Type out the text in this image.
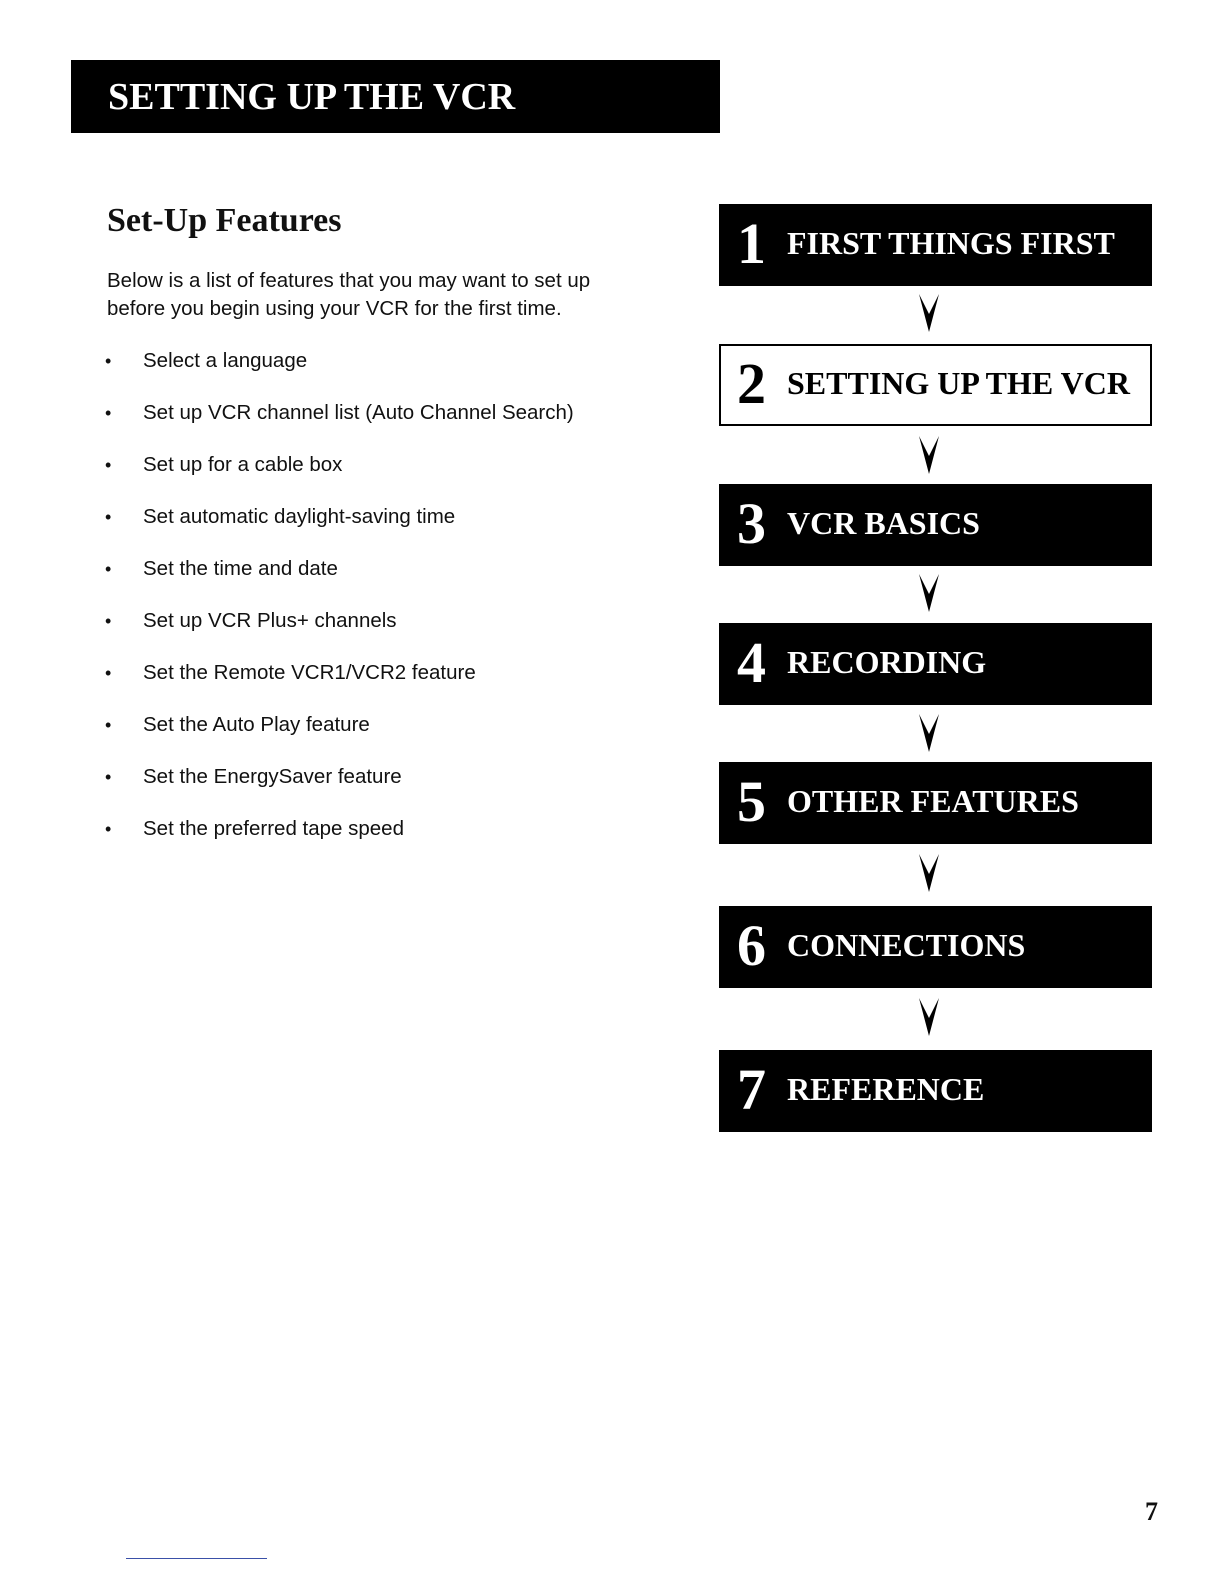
SETTING UP THE VCR
Set-Up Features
Below is a list of features that you may want to set up
before you begin using your VCR for the first time.
• Select a language
• Set up VCR channel list (Auto Channel Search)
• Set up for a cable box
• Set automatic daylight-saving time
• Set the time and date
• Set up VCR Plus+ channels
• Set the Remote VCR1/VCR2 feature
• Set the Auto Play feature
• Set the EnergySaver feature
• Set the preferred tape speed
1 FIRST THINGS FIRST
2 SETTING UP THE VCR
3 VCR BASICS
4 RECORDING
5 OTHER FEATURES
6 CONNECTIONS
7 REFERENCE
7
